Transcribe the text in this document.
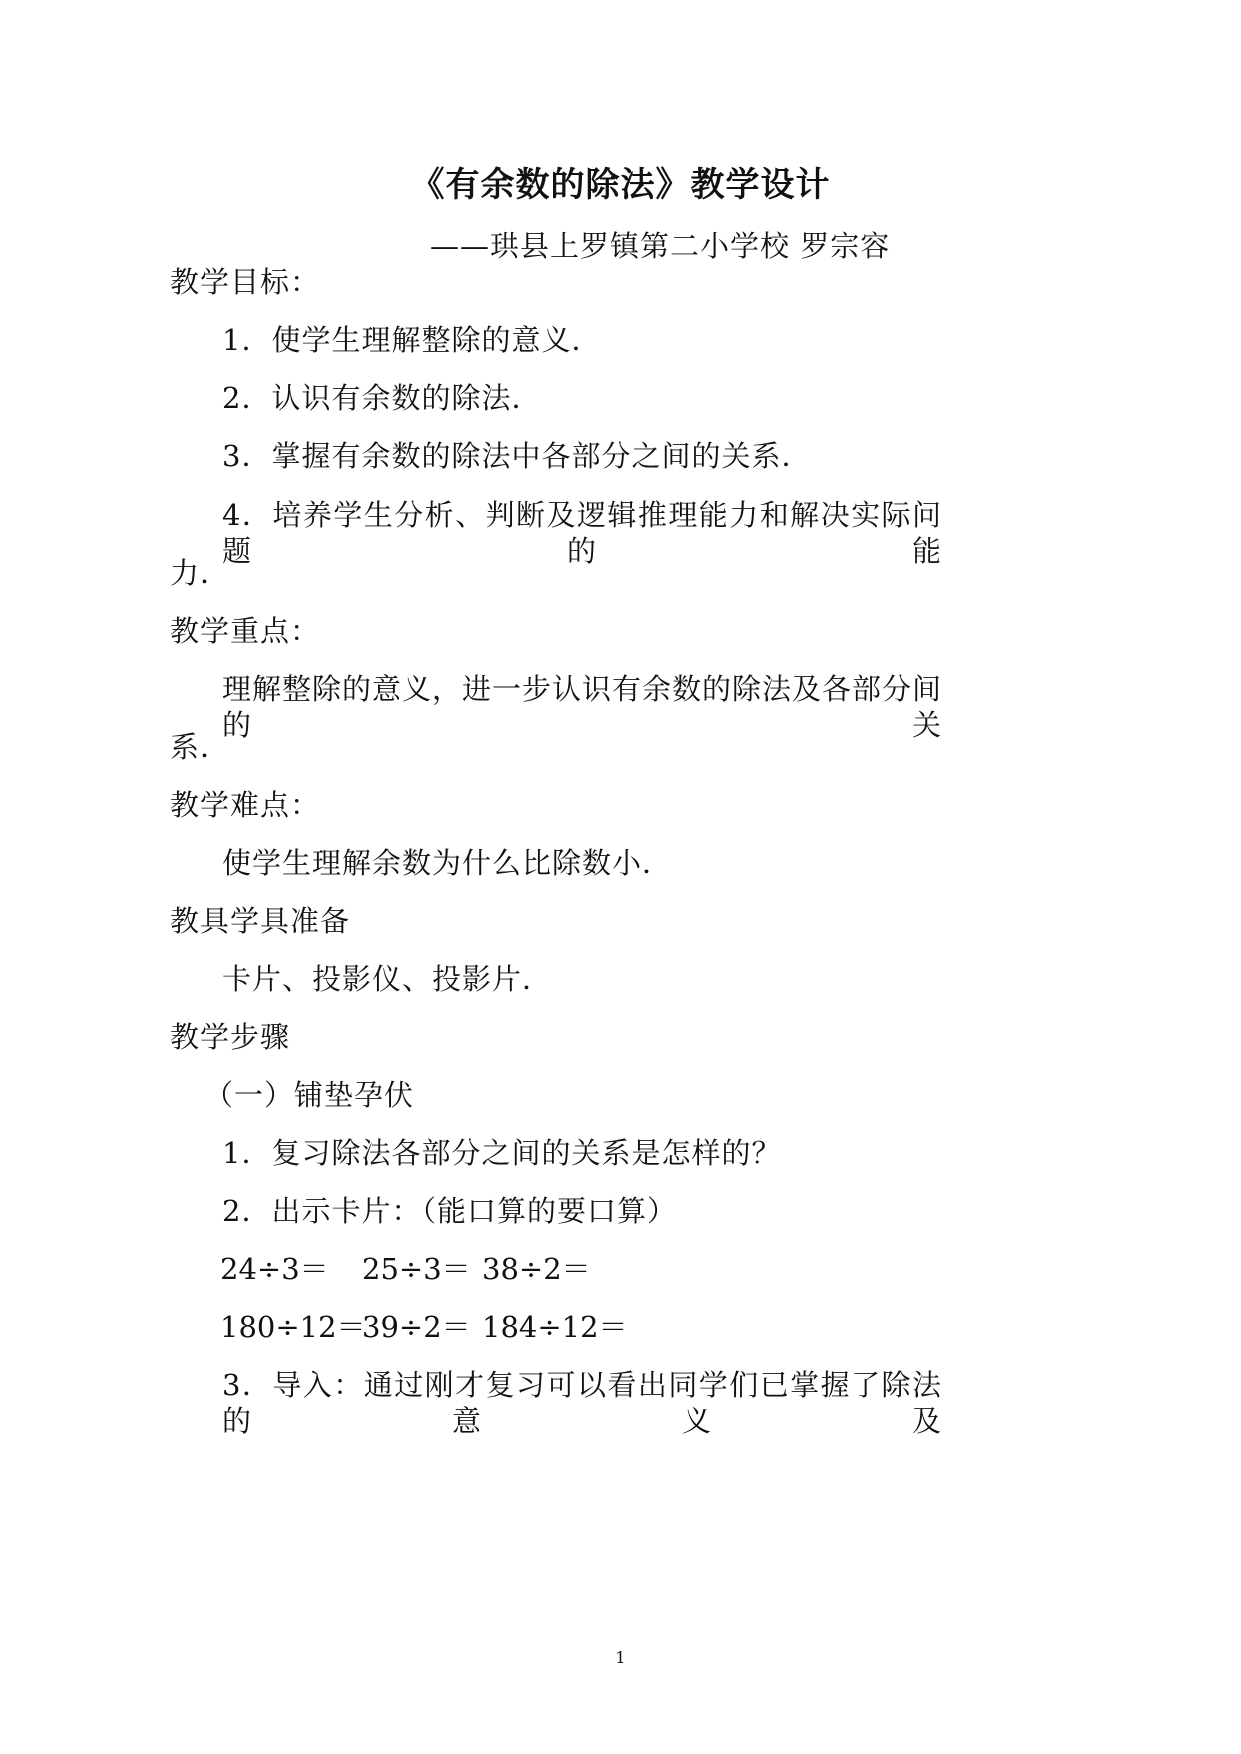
《有余数的除法》教学设计
——珙县上罗镇第二小学校 罗宗容
教学目标：
1．使学生理解整除的意义．
2．认识有余数的除法．
3．掌握有余数的除法中各部分之间的关系．
4．培养学生分析、判断及逻辑推理能力和解决实际问题的能
力．
教学重点：
理解整除的意义，进一步认识有余数的除法及各部分间的关
系．
教学难点：
使学生理解余数为什么比除数小．
教具学具准备
卡片、投影仪、投影片．
教学步骤
（一）铺垫孕伏
1．复习除法各部分之间的关系是怎样的？
2．出示卡片：（能口算的要口算）
24÷3＝ 25÷3＝ 38÷2＝
180÷12＝
39÷2＝ 184÷12＝
3．导入：通过刚才复习可以看出同学们已掌握了除法的意义及
1
